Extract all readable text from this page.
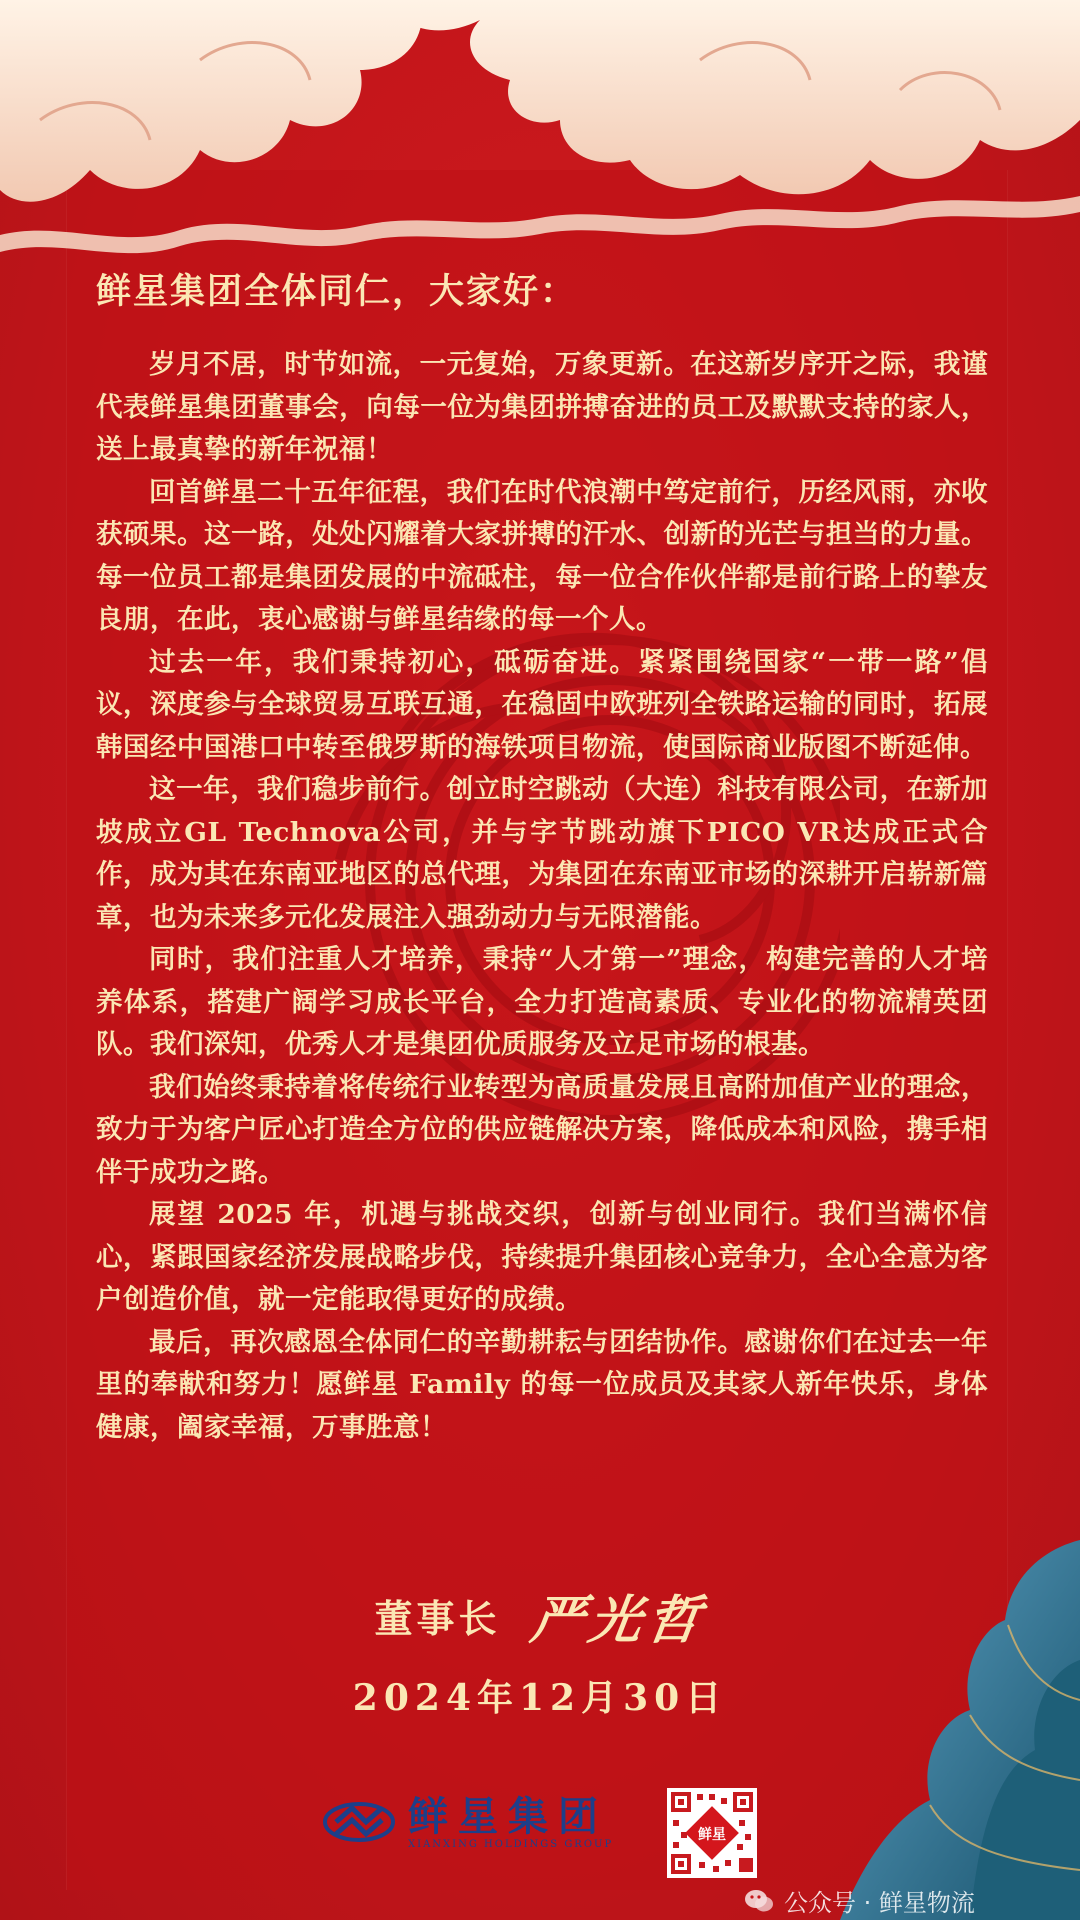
鲜星集团全体同仁，大家好：

岁月不居，时节如流，一元复始，万象更新。在这新岁序开之际，我谨代表鲜星集团董事会，向每一位为集团拼搏奋进的员工及默默支持的家人，送上最真挚的新年祝福！

回首鲜星二十五年征程，我们在时代浪潮中笃定前行，历经风雨，亦收获硕果。这一路，处处闪耀着大家拼搏的汗水、创新的光芒与担当的力量。每一位员工都是集团发展的中流砥柱，每一位合作伙伴都是前行路上的挚友良朋，在此，衷心感谢与鲜星结缘的每一个人。

过去一年，我们秉持初心，砥砺奋进。紧紧围绕国家“一带一路”倡议，深度参与全球贸易互联互通，在稳固中欧班列全铁路运输的同时，拓展韩国经中国港口中转至俄罗斯的海铁项目物流，使国际商业版图不断延伸。

这一年，我们稳步前行。创立时空跳动（大连）科技有限公司，在新加坡成立GL Technova公司，并与字节跳动旗下PICO VR达成正式合作，成为其在东南亚地区的总代理，为集团在东南亚市场的深耕开启崭新篇章，也为未来多元化发展注入强劲动力与无限潜能。

同时，我们注重人才培养，秉持“人才第一”理念，构建完善的人才培养体系，搭建广阔学习成长平台，全力打造高素质、专业化的物流精英团队。我们深知，优秀人才是集团优质服务及立足市场的根基。

我们始终秉持着将传统行业转型为高质量发展且高附加值产业的理念，致力于为客户匠心打造全方位的供应链解决方案，降低成本和风险，携手相伴于成功之路。

展望 2025 年，机遇与挑战交织，创新与创业同行。我们当满怀信心，紧跟国家经济发展战略步伐，持续提升集团核心竞争力，全心全意为客户创造价值，就一定能取得更好的成绩。

最后，再次感恩全体同仁的辛勤耕耘与团结协作。感谢你们在过去一年里的奉献和努力！愿鲜星 Family 的每一位成员及其家人新年快乐，身体健康，阖家幸福，万事胜意！

董事长 严光哲
2024年12月30日
鲜星集团
XIANXING HOLDINGS GROUP
鲜星
公众号 · 鲜星物流
